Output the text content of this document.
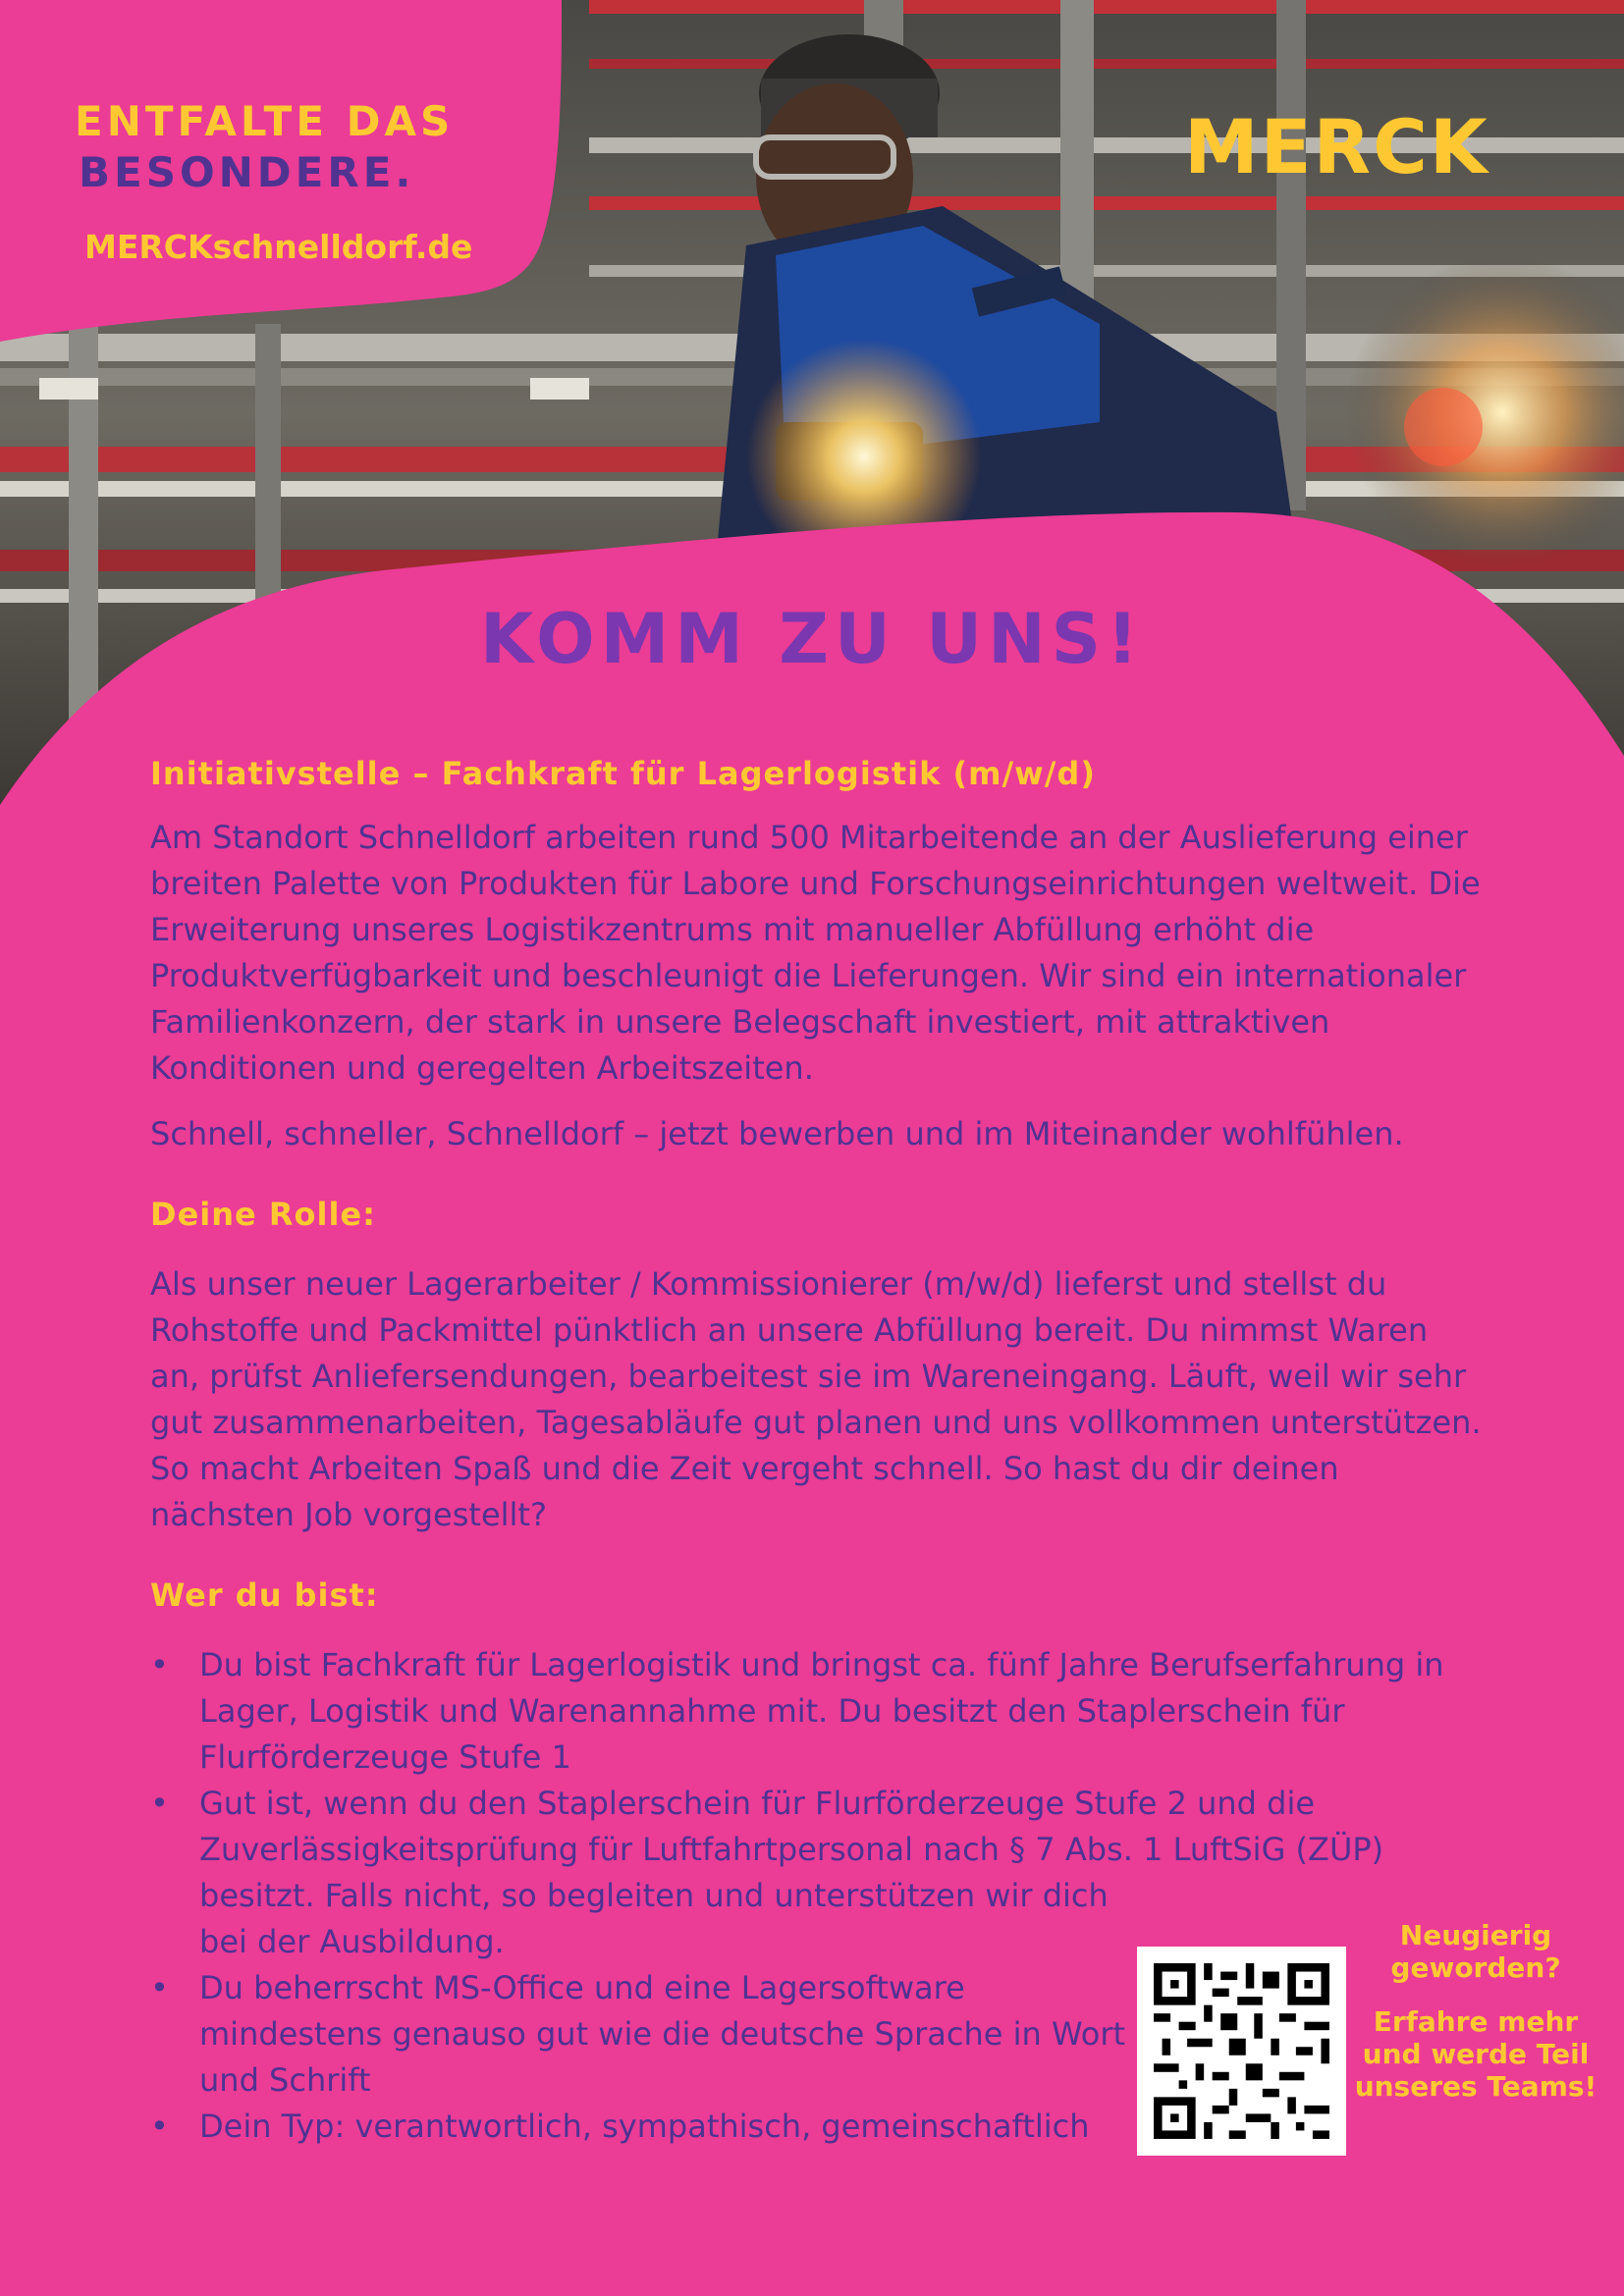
ENTFALTE DAS
BESONDERE.
MERCKschnelldorf.de
MERCK
KOMM ZU UNS!
Initiativstelle – Fachkraft für Lagerlogistik (m/w/d)

Am Standort Schnelldorf arbeiten rund 500 Mitarbeitende an der Auslieferung einer breiten Palette von Produkten für Labore und Forschungseinrichtungen weltweit. Die Erweiterung unseres Logistikzentrums mit manueller Abfüllung erhöht die Produktverfügbarkeit und beschleunigt die Lieferungen. Wir sind ein internationaler Familienkonzern, der stark in unsere Belegschaft investiert, mit attraktiven Konditionen und geregelten Arbeitszeiten.

Schnell, schneller, Schnelldorf – jetzt bewerben und im Miteinander wohlfühlen.

Deine Rolle:

Als unser neuer Lagerarbeiter / Kommissionierer (m/w/d) lieferst und stellst du Rohstoffe und Packmittel pünktlich an unsere Abfüllung bereit. Du nimmst Waren an, prüfst Anliefersendungen, bearbeitest sie im Wareneingang. Läuft, weil wir sehr gut zusammenarbeiten, Tagesabläufe gut planen und uns vollkommen unterstützen. So macht Arbeiten Spaß und die Zeit vergeht schnell. So hast du dir deinen nächsten Job vorgestellt?

Wer du bist:
• Du bist Fachkraft für Lagerlogistik und bringst ca. fünf Jahre Berufserfahrung in Lager, Logistik und Warenannahme mit. Du besitzt den Staplerschein für Flurförderzeuge Stufe 1
• Gut ist, wenn du den Staplerschein für Flurförderzeuge Stufe 2 und die Zuverlässigkeitsprüfung für Luftfahrtpersonal nach § 7 Abs. 1 LuftSiG (ZÜP)

besitzt. Falls nicht, so begleiten und unterstützen wir dich bei der Ausbildung.
• Du beherrscht MS-Office und eine Lagersoftware mindestens genauso gut wie die deutsche Sprache in Wort und Schrift
• Dein Typ: verantwortlich, sympathisch, gemeinschaftlich
Neugierig geworden?
Erfahre mehr und werde Teil unseres Teams!
